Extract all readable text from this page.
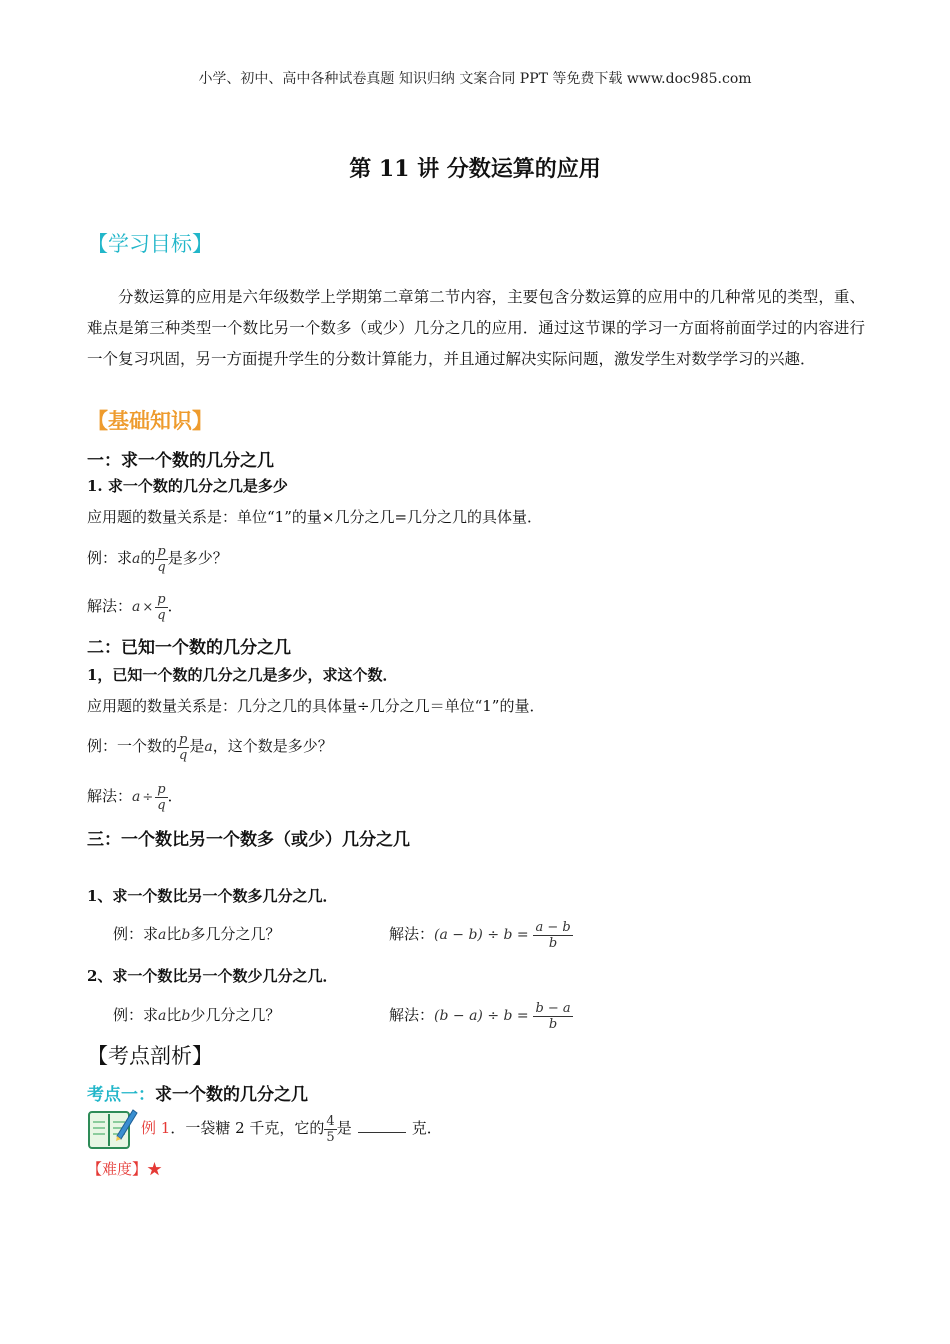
小学、初中、高中各种试卷真题 知识归纳 文案合同 PPT 等免费下载 www.doc985.com
第 11 讲 分数运算的应用
【学习目标】
分数运算的应用是六年级数学上学期第二章第二节内容，主要包含分数运算的应用中的几种常见的类型，重、难点是第三种类型一个数比另一个数多（或少）几分之几的应用．通过这节课的学习一方面将前面学过的内容进行一个复习巩固，另一方面提升学生的分数计算能力，并且通过解决实际问题，激发学生对数学学习的兴趣．
【基础知识】
一：求一个数的几分之几
1. 求一个数的几分之几是多少
应用题的数量关系是：单位“1”的量×几分之几=几分之几的具体量．
例：求a的 $\frac{p}{q}$ 是多少？
解法：$a \times \frac{p}{q}$ ．
二：已知一个数的几分之几
1，已知一个数的几分之几是多少，求这个数．
应用题的数量关系是：几分之几的具体量÷几分之几＝单位“1”的量．
例：一个数的 $\frac{p}{q}$ 是a，这个数是多少？
解法：$a \div \frac{p}{q}$ ．
三：一个数比另一个数多（或少）几分之几
1、求一个数比另一个数多几分之几．
例：求a比b多几分之几？	解法：$(a - b) \div b = \frac{a - b}{b}$
2、求一个数比另一个数少几分之几．
例：求a比b少几分之几？	解法：$(b - a) \div b = \frac{b - a}{b}$
【考点剖析】
考点一：求一个数的几分之几
例 1．一袋糖 2 千克，它的 $\frac{4}{5}$ 是	克．
【难度】★
